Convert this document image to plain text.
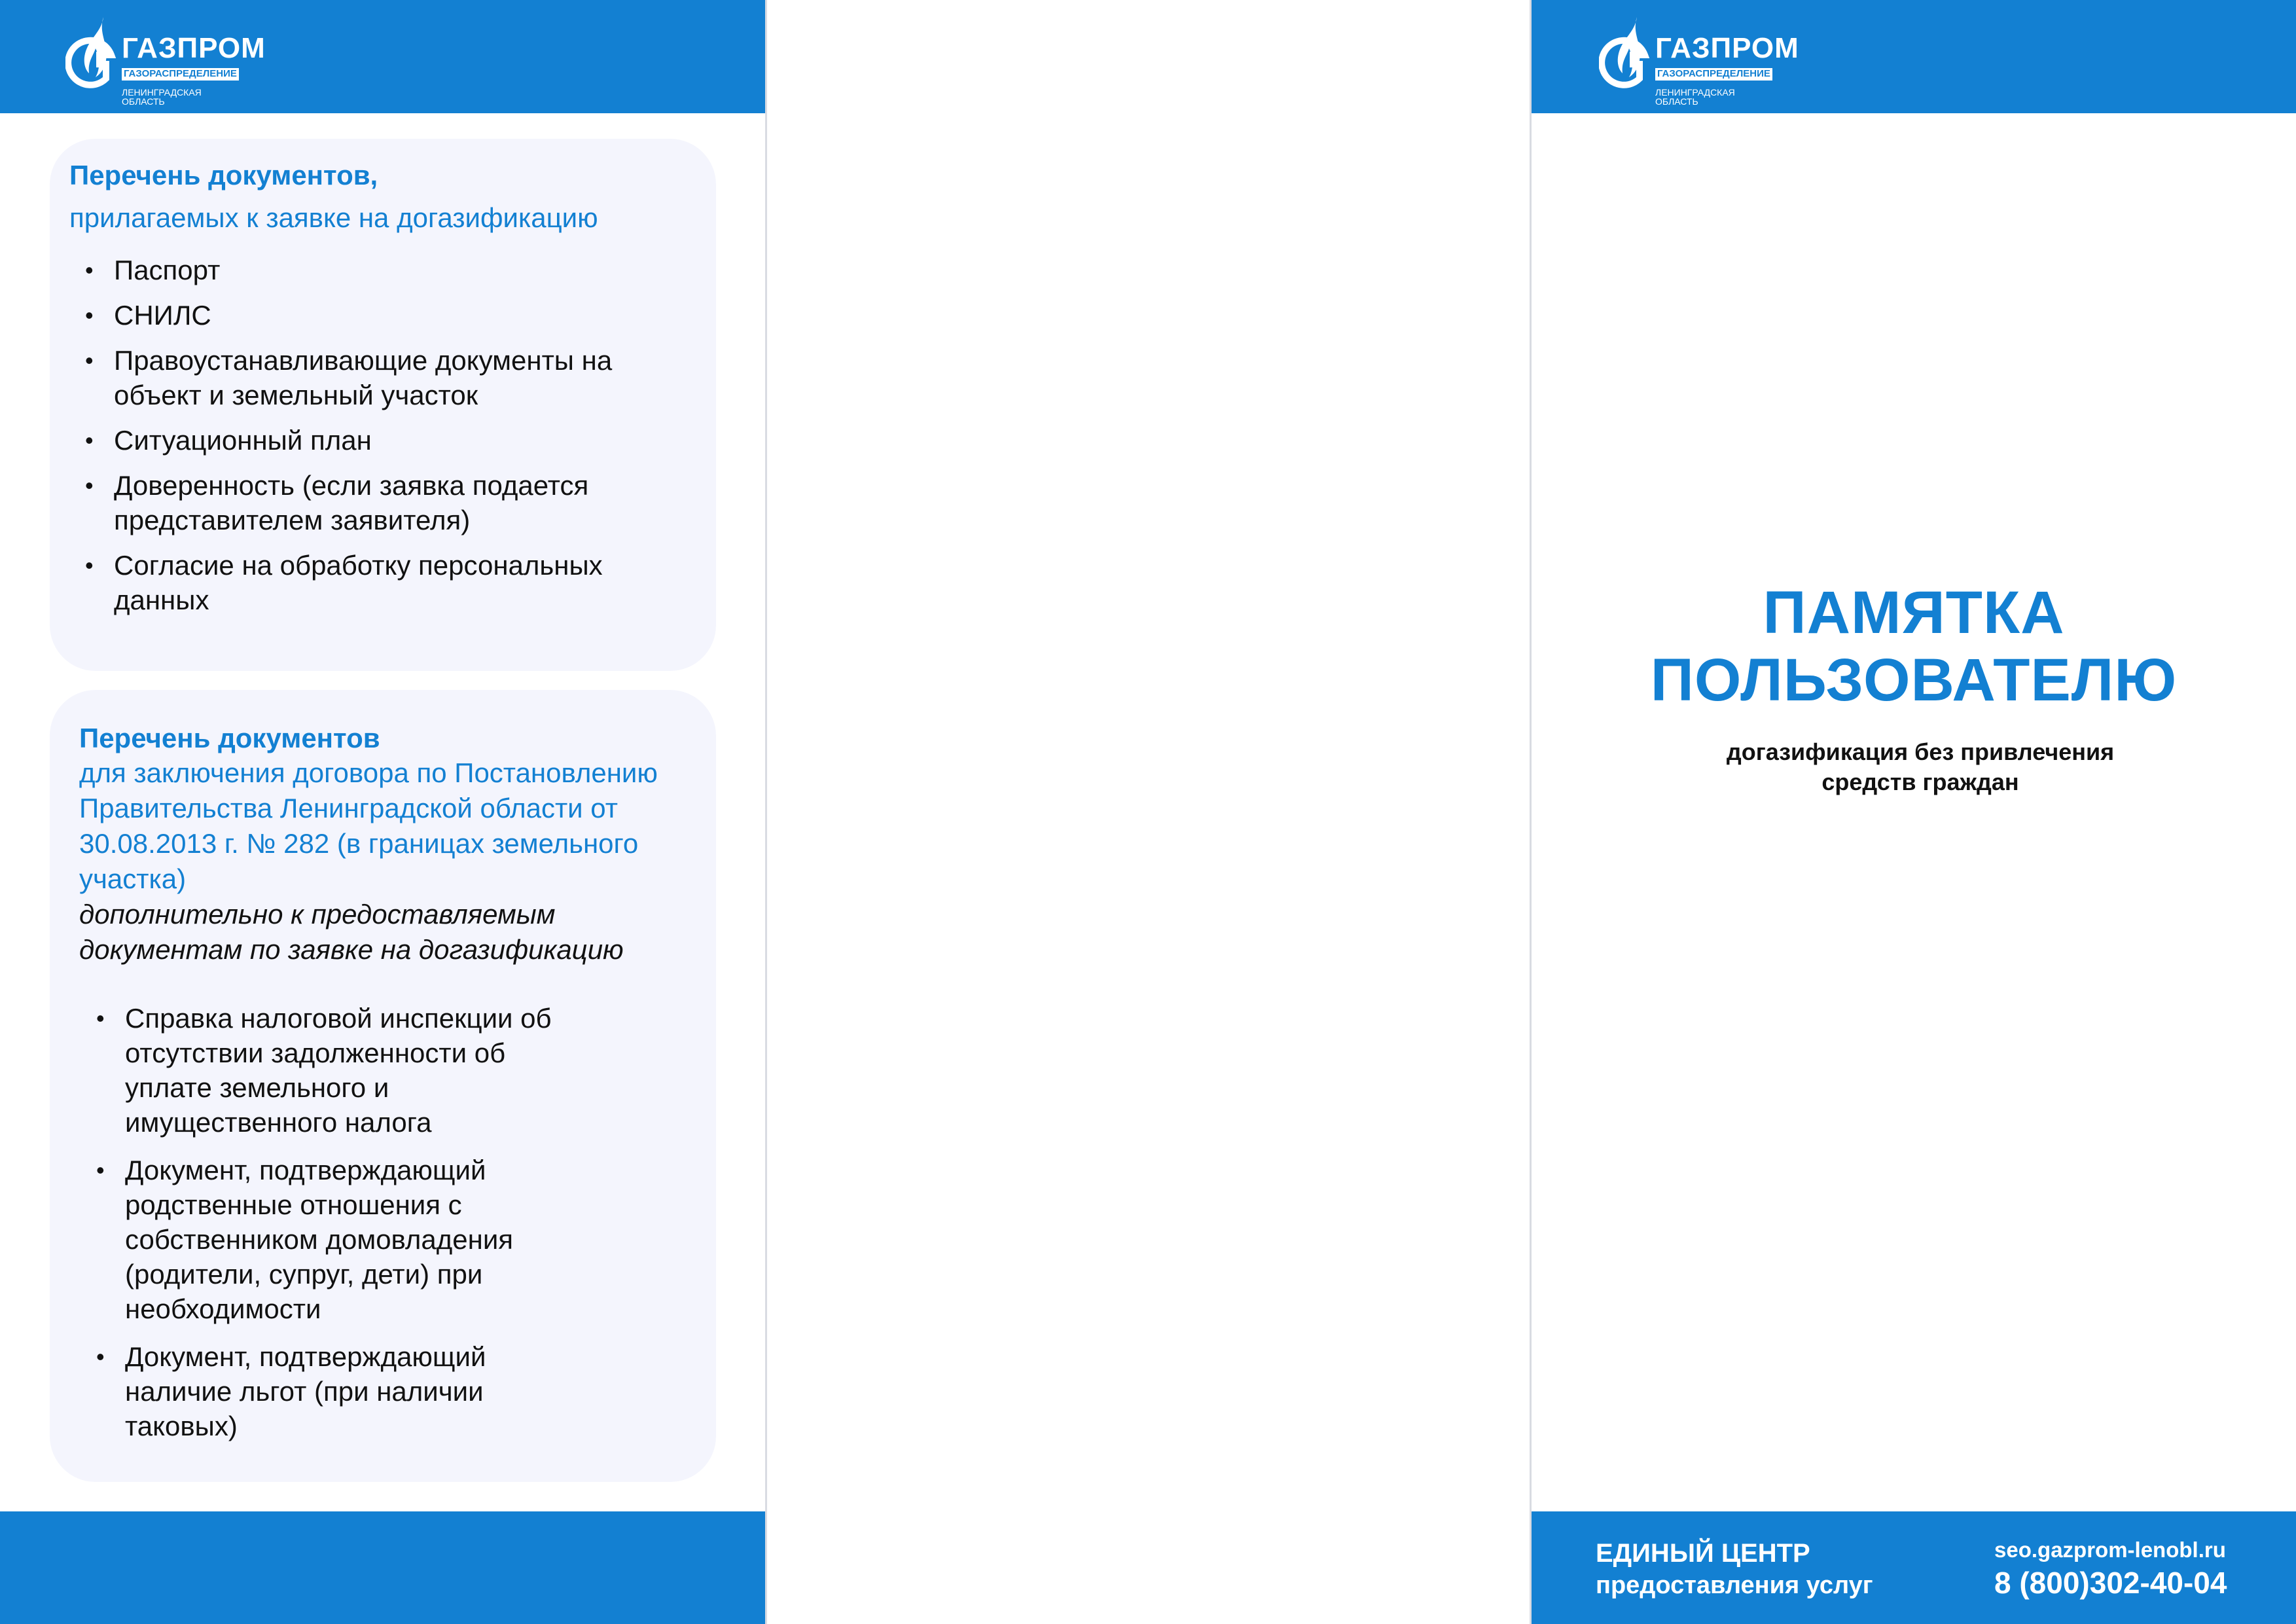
ГАЗПРОМ
ГАЗОРАСПРЕДЕЛЕНИЕ
ЛЕНИНГРАДСКАЯ ОБЛАСТЬ
Перечень документов,
прилагаемых к заявке на догазификацию
• Паспорт
• СНИЛС
• Правоустанавливающие документы на объект и земельный участок
• Ситуационный план
• Доверенность (если заявка подается представителем заявителя)
• Согласие на обработку персональных данных
Перечень документов
для заключения договора по Постановлению Правительства Ленинградской области от 30.08.2013 г. № 282 (в границах земельного участка)
дополнительно к предоставляемым документам по заявке на догазификацию
• Справка налоговой инспекции об отсутствии задолженности об уплате земельного и имущественного налога
• Документ, подтверждающий родственные отношения с собственником домовладения (родители, супруг, дети) при необходимости
• Документ, подтверждающий наличие льгот (при наличии таковых)
ГАЗПРОМ
ГАЗОРАСПРЕДЕЛЕНИЕ
ЛЕНИНГРАДСКАЯ ОБЛАСТЬ
ПАМЯТКА
ПОЛЬЗОВАТЕЛЮ
догазификация без привлечения
средств граждан
ЕДИНЫЙ ЦЕНТР
предоставления услуг
seo.gazprom-lenobl.ru
8 (800)302-40-04
